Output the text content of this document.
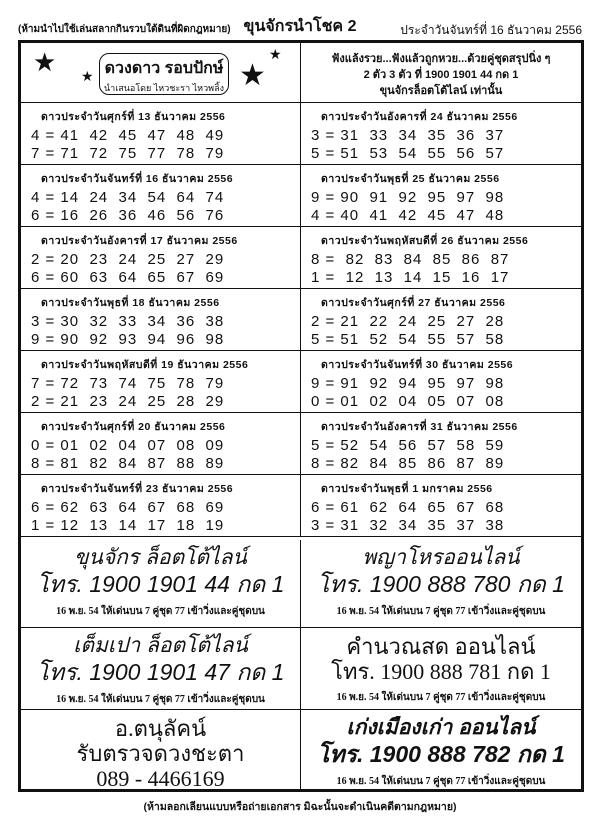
(ห้ามนำไปใช้เล่นสลากกินรวบใต้ดินที่ผิดกฎหมาย) ขุนจักรนำโชค 2	ประจำวันจันทร์ที่ 16 ธันวาคม 2556
★ ★	★
★
ดวงดาว รอบปักษ์
นำเสนอโดย ไหวชะรา ไหวพลิ้ง
ดาวประจำวันศุกร์ที่ 13 ธันวาคม 2556
4 = 41  42  45  47  48  49
7 = 71  72  75  77  78  79
ดาวประจำวันจันทร์ที่ 16 ธันวาคม 2556
4 = 14  24  34  54  64  74
6 = 16  26  36  46  56  76
ดาวประจำวันอังคารที่ 17 ธันวาคม 2556
2 = 20  23  24  25  27  29
6 = 60  63  64  65  67  69
ดาวประจำวันพุธที่ 18 ธันวาคม 2556
3 = 30  32  33  34  36  38
9 = 90  92  93  94  96  98
ดาวประจำวันพฤหัสบดีที่ 19 ธันวาคม 2556
7 = 72  73  74  75  78  79
2 = 21  23  24  25  28  29
ดาวประจำวันศุกร์ที่ 20 ธันวาคม 2556
0 = 01  02  04  07  08  09
8 = 81  82  84  87  88  89
ดาวประจำวันจันทร์ที่ 23 ธันวาคม 2556
6 = 62  63  64  67  68  69
1 = 12  13  14  17  18  19
ฟังแล้งรวย...ฟังแล้วถูกหวย...ด้วยคู่ชุดสรุปนิ่ง ๆ
2 ตัว 3 ตัว ที่ 1900 1901 44 กด 1
ขุนจักรล็อตโต้ไลน์ เท่านั้น
ดาวประจำวันอังคารที่ 24 ธันวาคม 2556
3 = 31  33  34  35  36  37
5 = 51  53  54  55  56  57
ดาวประจำวันพุธที่ 25 ธันวาคม 2556
9 = 90  91  92  95  97  98
4 = 40  41  42  45  47  48
ดาวประจำวันพฤหัสบดีที่ 26 ธันวาคม 2556
8 =  82  83  84  85  86  87
1 =  12  13  14  15  16  17
ดาวประจำวันศุกร์ที่ 27 ธันวาคม 2556
2 = 21  22  24  25  27  28
5 = 51  52  54  55  57  58
ดาวประจำวันจันทร์ที่ 30 ธันวาคม 2556
9 = 91  92  94  95  97  98
0 = 01  02  04  05  07  08
ดาวประจำวันอังคารที่ 31 ธันวาคม 2556
5 = 52  54  56  57  58  59
8 = 82  84  85  86  87  89
ดาวประจำวันพุธที่ 1 มกราคม 2556
6 = 61  62  64  65  67  68
3 = 31  32  34  35  37  38
ขุนจักร ล็อตโต้ไลน์
โทร. 1900 1901 44 กด 1
16 พ.ย. 54 ให้เด่นบน 7 คู่ชุด 77 เข้าวิ่งและคู่ชุดบน
พญาโหรออนไลน์
โทร. 1900 888 780 กด 1
16 พ.ย. 54 ให้เด่นบน 7 คู่ชุด 77 เข้าวิ่งและคู่ชุดบน
เต็มเปา ล็อตโต้ไลน์
โทร. 1900 1901 47 กด 1
16 พ.ย. 54 ให้เด่นบน 7 คู่ชุด 77 เข้าวิ่งและคู่ชุดบน
คำนวณสด ออนไลน์
โทร. 1900 888 781 กด 1
16 พ.ย. 54 ให้เด่นบน 7 คู่ชุด 77 เข้าวิ่งและคู่ชุดบน
อ.ตนุลัคน์
รับตรวจดวงชะตา
089 - 4466169
เก่งเมืองเก่า ออนไลน์
โทร. 1900 888 782 กด 1
16 พ.ย. 54 ให้เด่นบน 7 คู่ชุด 77 เข้าวิ่งและคู่ชุดบน
(ห้ามลอกเลียนแบบหรือถ่ายเอกสาร มิฉะนั้นจะดำเนินคดีตามกฎหมาย)
